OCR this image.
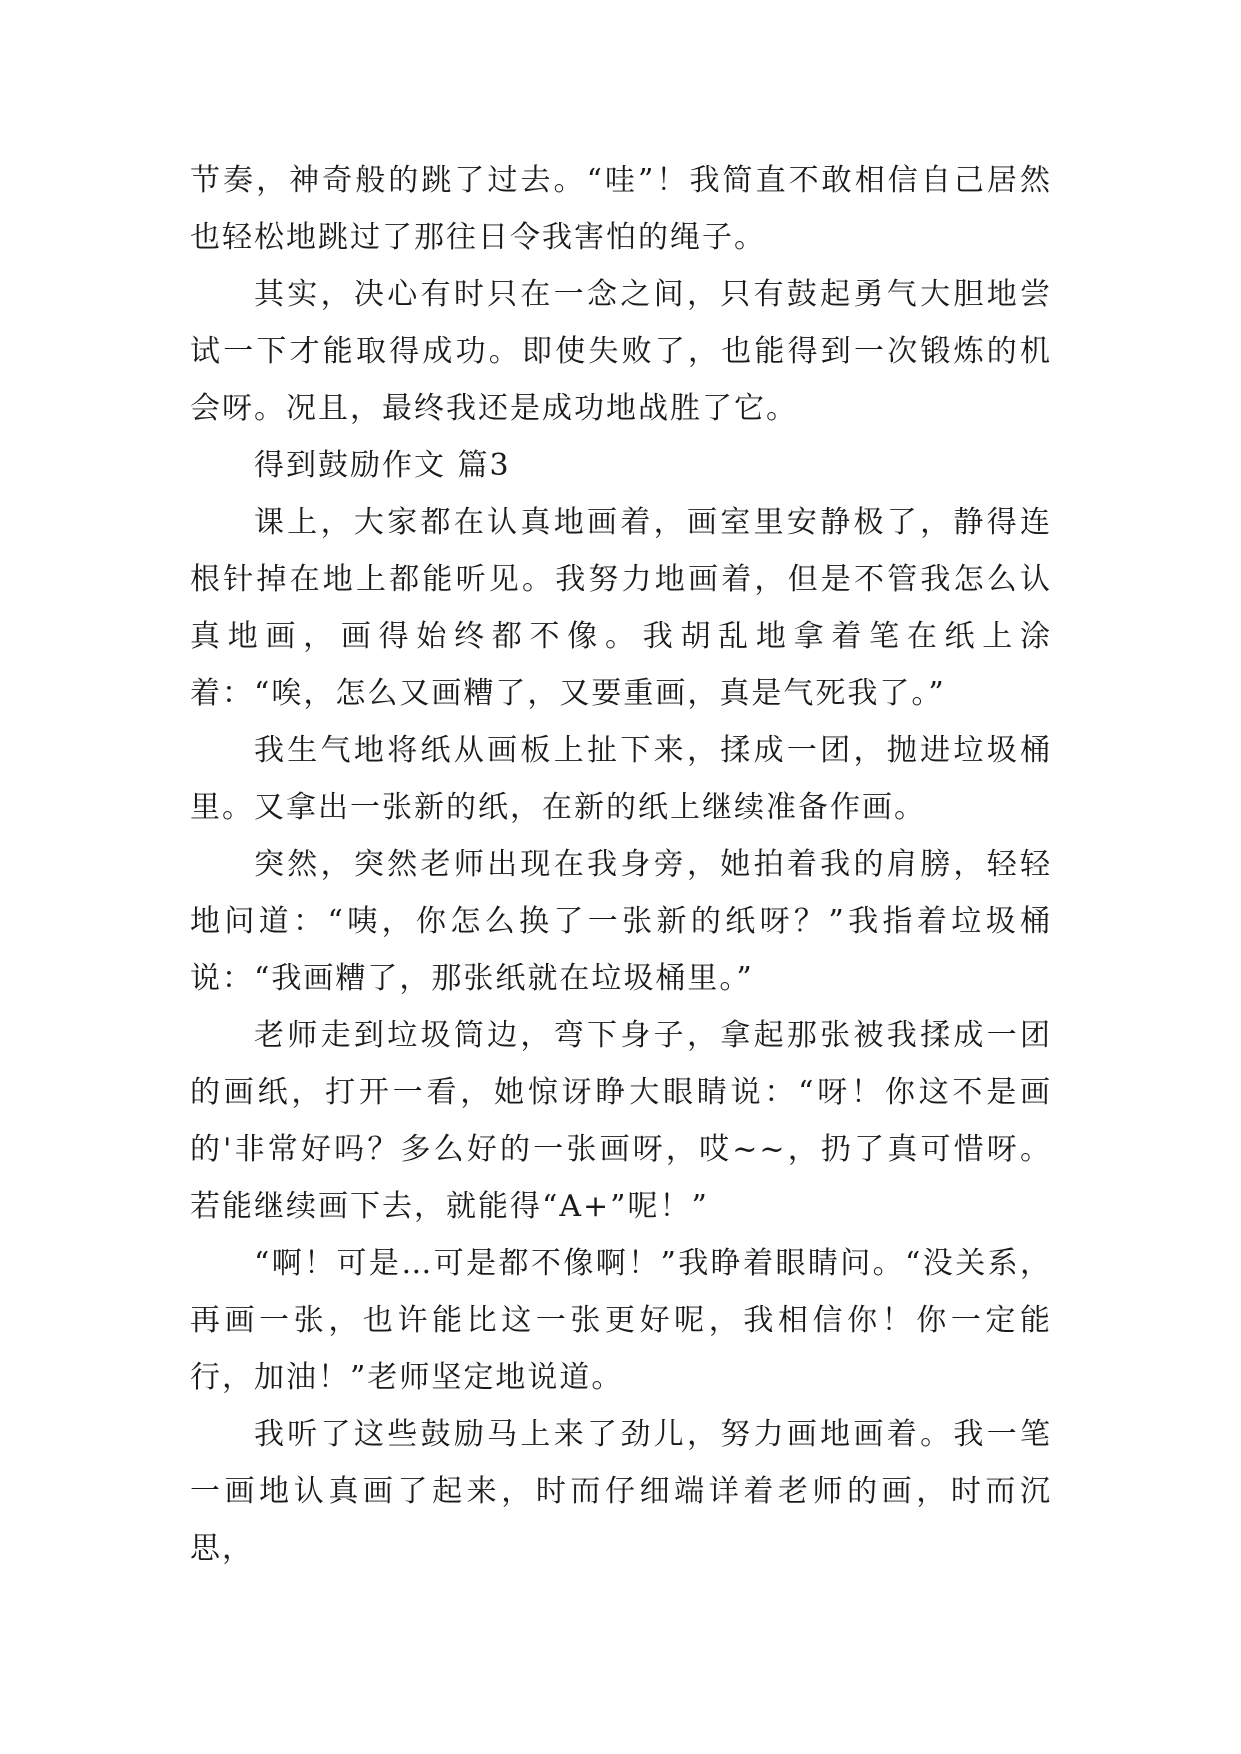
节奏，神奇般的跳了过去。“哇”！我简直不敢相信自己居然也轻松地跳过了那往日令我害怕的绳子。

其实，决心有时只在一念之间，只有鼓起勇气大胆地尝试一下才能取得成功。即使失败了，也能得到一次锻炼的机会呀。况且，最终我还是成功地战胜了它。

得到鼓励作文 篇3

课上，大家都在认真地画着，画室里安静极了，静得连根针掉在地上都能听见。我努力地画着，但是不管我怎么认真地画，画得始终都不像。我胡乱地拿着笔在纸上涂着：“唉，怎么又画糟了，又要重画，真是气死我了。”

我生气地将纸从画板上扯下来，揉成一团，抛进垃圾桶里。又拿出一张新的纸，在新的纸上继续准备作画。

突然，突然老师出现在我身旁，她拍着我的肩膀，轻轻地问道：“咦，你怎么换了一张新的纸呀？”我指着垃圾桶说：“我画糟了，那张纸就在垃圾桶里。”

老师走到垃圾筒边，弯下身子，拿起那张被我揉成一团的画纸，打开一看，她惊讶睁大眼睛说：“呀！你这不是画的'非常好吗？多么好的一张画呀，哎~~，扔了真可惜呀。若能继续画下去，就能得“A+”呢！”

“啊！可是…可是都不像啊！”我睁着眼睛问。“没关系，再画一张，也许能比这一张更好呢，我相信你！你一定能行，加油！”老师坚定地说道。

我听了这些鼓励马上来了劲儿，努力画地画着。我一笔一画地认真画了起来，时而仔细端详着老师的画，时而沉思，
